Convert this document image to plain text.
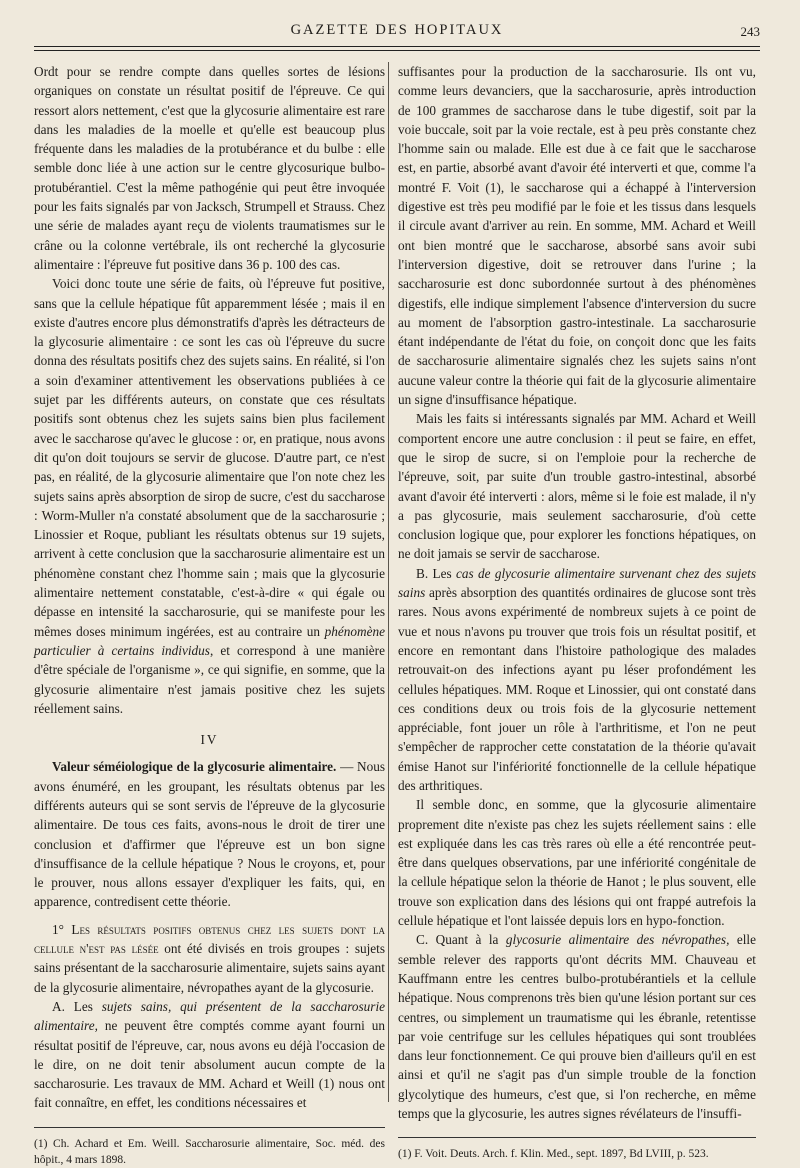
GAZETTE DES HOPITAUX	243

Ordt pour se rendre compte dans quelles sortes de lésions organiques on constate un résultat positif de l'épreuve. Ce qui ressort alors nettement, c'est que la glycosurie alimentaire est rare dans les maladies de la moelle et qu'elle est beaucoup plus fréquente dans les maladies de la protubérance et du bulbe : elle semble donc liée à une action sur le centre glycosurique bulbo-protubérantiel. C'est la même pathogénie qui peut être invoquée pour les faits signalés par von Jacksch, Strumpell et Strauss. Chez une série de malades ayant reçu de violents traumatismes sur le crâne ou la colonne vertébrale, ils ont recherché la glycosurie alimentaire : l'épreuve fut positive dans 36 p. 100 des cas.

Voici donc toute une série de faits, où l'épreuve fut positive, sans que la cellule hépatique fût apparemment lésée ; mais il en existe d'autres encore plus démonstratifs d'après les détracteurs de la glycosurie alimentaire : ce sont les cas où l'épreuve du sucre donna des résultats positifs chez des sujets sains. En réalité, si l'on a soin d'examiner attentivement les observations publiées à ce sujet par les différents auteurs, on constate que ces résultats positifs sont obtenus chez les sujets sains bien plus facilement avec le saccharose qu'avec le glucose : or, en pratique, nous avons dit qu'on doit toujours se servir de glucose. D'autre part, ce n'est pas, en réalité, de la glycosurie alimentaire que l'on note chez les sujets sains après absorption de sirop de sucre, c'est du saccharose : Worm-Muller n'a constaté absolument que de la saccharosurie ; Linossier et Roque, publiant les résultats obtenus sur 19 sujets, arrivent à cette conclusion que la saccharosurie alimentaire est un phénomène constant chez l'homme sain ; mais que la glycosurie alimentaire nettement constatable, c'est-à-dire « qui égale ou dépasse en intensité la saccharosurie, qui se manifeste pour les mêmes doses minimum ingérées, est au contraire un phénomène particulier à certains individus, et correspond à une manière d'être spéciale de l'organisme », ce qui signifie, en somme, que la glycosurie alimentaire n'est jamais positive chez les sujets réellement sains.

IV

Valeur séméiologique de la glycosurie alimentaire. — Nous avons énuméré, en les groupant, les résultats obtenus par les différents auteurs qui se sont servis de l'épreuve de la glycosurie alimentaire. De tous ces faits, avons-nous le droit de tirer une conclusion et d'affirmer que l'épreuve est un bon signe d'insuffisance de la cellule hépatique ? Nous le croyons, et, pour le prouver, nous allons essayer d'expliquer les faits, qui, en apparence, contredisent cette théorie.

1° Les résultats positifs obtenus chez les sujets dont la cellule n'est pas lésée ont été divisés en trois groupes : sujets sains présentant de la saccharosurie alimentaire, sujets sains ayant de la glycosurie alimentaire, névropathes ayant de la glycosurie.

A. Les sujets sains, qui présentent de la saccharosurie alimentaire, ne peuvent être comptés comme ayant fourni un résultat positif de l'épreuve, car, nous avons eu déjà l'occasion de le dire, on ne doit tenir absolument aucun compte de la saccharosurie. Les travaux de MM. Achard et Weill (1) nous ont fait connaître, en effet, les conditions nécessaires et

(1) Ch. Achard et Em. Weill. Saccharosurie alimentaire, Soc. méd. des hôpit., 4 mars 1898.

suffisantes pour la production de la saccharosurie. Ils ont vu, comme leurs devanciers, que la saccharosurie, après introduction de 100 grammes de saccharose dans le tube digestif, soit par la voie buccale, soit par la voie rectale, est à peu près constante chez l'homme sain ou malade. Elle est due à ce fait que le saccharose est, en partie, absorbé avant d'avoir été interverti et que, comme l'a montré F. Voit (1), le saccharose qui a échappé à l'interversion digestive est très peu modifié par le foie et les tissus dans lesquels il circule avant d'arriver au rein. En somme, MM. Achard et Weill ont bien montré que le saccharose, absorbé sans avoir subi l'interversion digestive, doit se retrouver dans l'urine ; la saccharosurie est donc subordonnée surtout à des phénomènes digestifs, elle indique simplement l'absence d'interversion du sucre au moment de l'absorption gastro-intestinale. La saccharosurie étant indépendante de l'état du foie, on conçoit donc que les faits de saccharosurie alimentaire signalés chez les sujets sains n'ont aucune valeur contre la théorie qui fait de la glycosurie alimentaire un signe d'insuffisance hépatique.

Mais les faits si intéressants signalés par MM. Achard et Weill comportent encore une autre conclusion : il peut se faire, en effet, que le sirop de sucre, si on l'emploie pour la recherche de l'épreuve, soit, par suite d'un trouble gastro-intestinal, absorbé avant d'avoir été interverti : alors, même si le foie est malade, il n'y a pas glycosurie, mais seulement saccharosurie, d'où cette conclusion logique que, pour explorer les fonctions hépatiques, on ne doit jamais se servir de saccharose.

B. Les cas de glycosurie alimentaire survenant chez des sujets sains après absorption des quantités ordinaires de glucose sont très rares. Nous avons expérimenté de nombreux sujets à ce point de vue et nous n'avons pu trouver que trois fois un résultat positif, et encore en remontant dans l'histoire pathologique des malades retrouvait-on des infections ayant pu léser profondément les cellules hépatiques. MM. Roque et Linossier, qui ont constaté dans ces conditions deux ou trois fois de la glycosurie nettement appréciable, font jouer un rôle à l'arthritisme, et l'on ne peut s'empêcher de rapprocher cette constatation de la théorie qu'avait émise Hanot sur l'infériorité fonctionnelle de la cellule hépatique des arthritiques.

Il semble donc, en somme, que la glycosurie alimentaire proprement dite n'existe pas chez les sujets réellement sains : elle est expliquée dans les cas très rares où elle a été rencontrée peut-être dans quelques observations, par une infériorité congénitale de la cellule hépatique selon la théorie de Hanot ; le plus souvent, elle trouve son explication dans des lésions qui ont frappé autrefois la cellule hépatique et l'ont laissée depuis lors en hypo-fonction.

C. Quant à la glycosurie alimentaire des névropathes, elle semble relever des rapports qu'ont décrits MM. Chauveau et Kauffmann entre les centres bulbo-protubérantiels et la cellule hépatique. Nous comprenons très bien qu'une lésion portant sur ces centres, ou simplement un traumatisme qui les ébranle, retentisse par voie centrifuge sur les cellules hépatiques qui sont troublées dans leur fonctionnement. Ce qui prouve bien d'ailleurs qu'il en est ainsi et qu'il ne s'agit pas d'un simple trouble de la fonction glycolytique des humeurs, c'est que, si l'on recherche, en même temps que la glycosurie, les autres signes révélateurs de l'insuffi-

(1) F. Voit. Deuts. Arch. f. Klin. Med., sept. 1897, Bd LVIII, p. 523.
